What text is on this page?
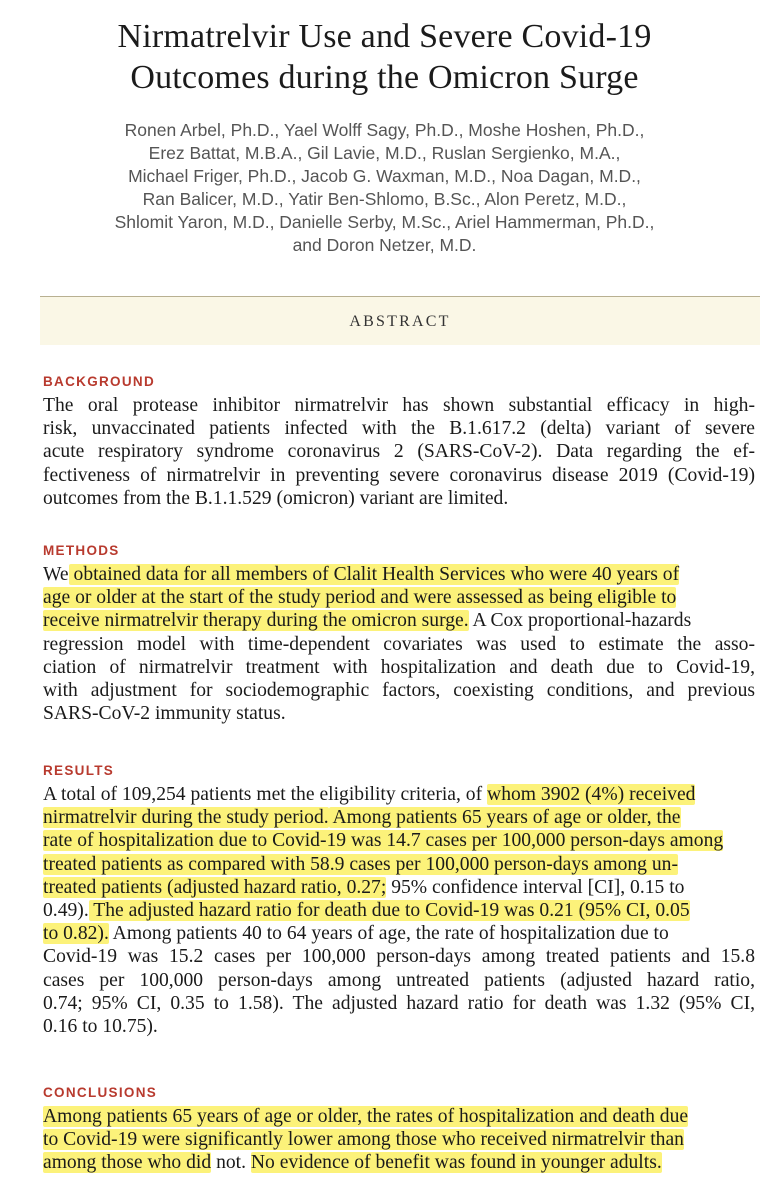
Nirmatrelvir Use and Severe Covid-19
Outcomes during the Omicron Surge
Ronen Arbel, Ph.D., Yael Wolff Sagy, Ph.D., Moshe Hoshen, Ph.D.,
Erez Battat, M.B.A., Gil Lavie, M.D., Ruslan Sergienko, M.A.,
Michael Friger, Ph.D., Jacob G. Waxman, M.D., Noa Dagan, M.D.,
Ran Balicer, M.D., Yatir Ben-Shlomo, B.Sc., Alon Peretz, M.D.,
Shlomit Yaron, M.D., Danielle Serby, M.Sc., Ariel Hammerman, Ph.D.,
and Doron Netzer, M.D.
ABSTRACT
BACKGROUND
The oral protease inhibitor nirmatrelvir has shown substantial efficacy in high-
risk, unvaccinated patients infected with the B.1.617.2 (delta) variant of severe
acute respiratory syndrome coronavirus 2 (SARS-CoV-2). Data regarding the ef-
fectiveness of nirmatrelvir in preventing severe coronavirus disease 2019 (Covid-19)
outcomes from the B.1.1.529 (omicron) variant are limited.
METHODS
We obtained data for all members of Clalit Health Services who were 40 years of
age or older at the start of the study period and were assessed as being eligible to
receive nirmatrelvir therapy during the omicron surge. A Cox proportional-hazards
regression model with time-dependent covariates was used to estimate the asso-
ciation of nirmatrelvir treatment with hospitalization and death due to Covid-19,
with adjustment for sociodemographic factors, coexisting conditions, and previous
SARS-CoV-2 immunity status.
RESULTS
A total of 109,254 patients met the eligibility criteria, of whom 3902 (4%) received
nirmatrelvir during the study period. Among patients 65 years of age or older, the
rate of hospitalization due to Covid-19 was 14.7 cases per 100,000 person-days among
treated patients as compared with 58.9 cases per 100,000 person-days among un-
treated patients (adjusted hazard ratio, 0.27; 95% confidence interval [CI], 0.15 to
0.49). The adjusted hazard ratio for death due to Covid-19 was 0.21 (95% CI, 0.05
to 0.82). Among patients 40 to 64 years of age, the rate of hospitalization due to
Covid-19 was 15.2 cases per 100,000 person-days among treated patients and 15.8
cases per 100,000 person-days among untreated patients (adjusted hazard ratio,
0.74; 95% CI, 0.35 to 1.58). The adjusted hazard ratio for death was 1.32 (95% CI,
0.16 to 10.75).
CONCLUSIONS
Among patients 65 years of age or older, the rates of hospitalization and death due
to Covid-19 were significantly lower among those who received nirmatrelvir than
among those who did not. No evidence of benefit was found in younger adults.
